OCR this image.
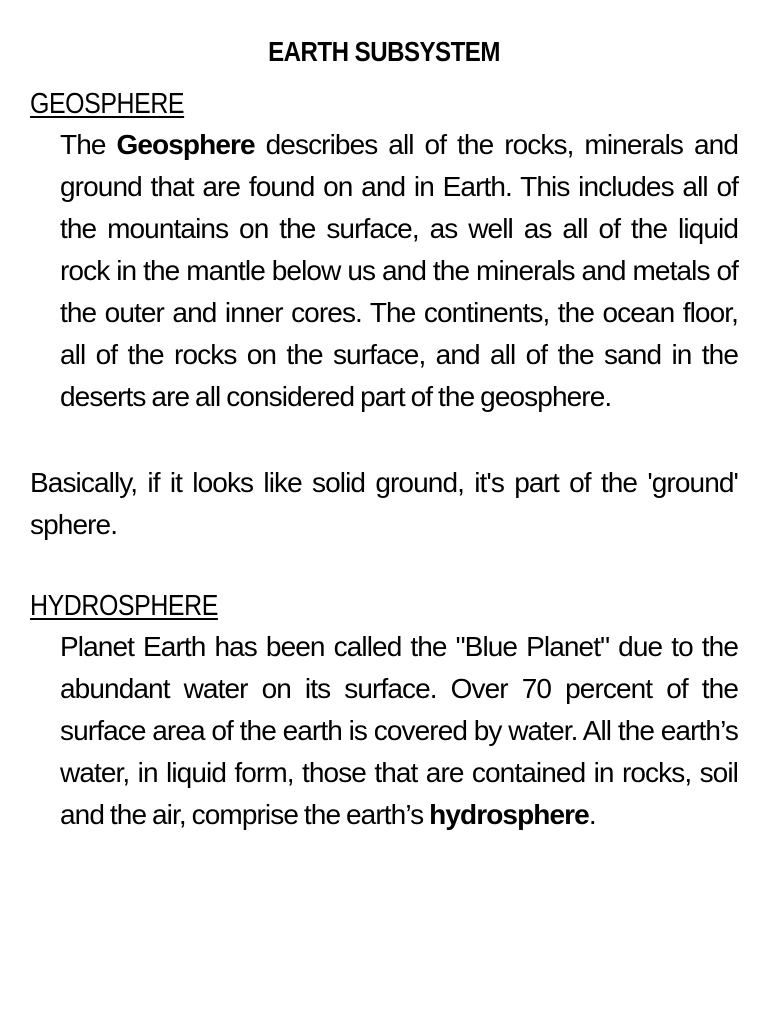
EARTH SUBSYSTEM
GEOSPHERE

The Geosphere describes all of the rocks, minerals and ground that are found on and in Earth. This includes all of the mountains on the surface, as well as all of the liquid rock in the mantle below us and the minerals and metals of the outer and inner cores. The continents, the ocean floor, all of the rocks on the surface, and all of the sand in the deserts are all considered part of the geosphere.

Basically, if it looks like solid ground, it's part of the 'ground' sphere.

HYDROSPHERE

Planet Earth has been called the "Blue Planet" due to the abundant water on its surface. Over 70 percent of the surface area of the earth is covered by water. All the earth’s water, in liquid form, those that are contained in rocks, soil and the air, comprise the earth’s hydrosphere.
